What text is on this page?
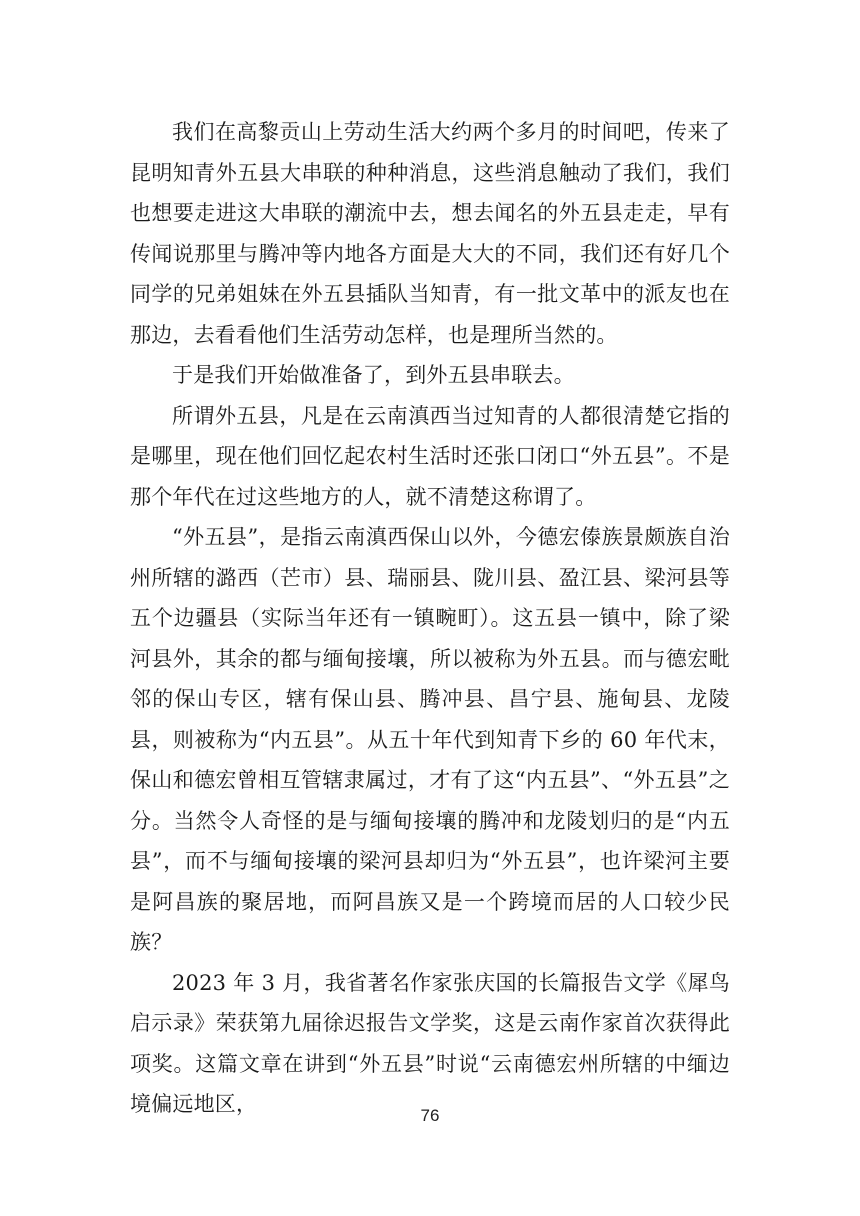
我们在高黎贡山上劳动生活大约两个多月的时间吧，传来了昆明知青外五县大串联的种种消息，这些消息触动了我们，我们也想要走进这大串联的潮流中去，想去闻名的外五县走走，早有传闻说那里与腾冲等内地各方面是大大的不同，我们还有好几个同学的兄弟姐妹在外五县插队当知青，有一批文革中的派友也在那边，去看看他们生活劳动怎样，也是理所当然的。

于是我们开始做准备了，到外五县串联去。

所谓外五县，凡是在云南滇西当过知青的人都很清楚它指的是哪里，现在他们回忆起农村生活时还张口闭口“外五县”。不是那个年代在过这些地方的人，就不清楚这称谓了。

“外五县”，是指云南滇西保山以外，今德宏傣族景颇族自治州所辖的潞西（芒市）县、瑞丽县、陇川县、盈江县、梁河县等五个边疆县（实际当年还有一镇畹町）。这五县一镇中，除了梁河县外，其余的都与缅甸接壤，所以被称为外五县。而与德宏毗邻的保山专区，辖有保山县、腾冲县、昌宁县、施甸县、龙陵县，则被称为“内五县”。从五十年代到知青下乡的 60 年代末，保山和德宏曾相互管辖隶属过，才有了这“内五县”、“外五县”之分。当然令人奇怪的是与缅甸接壤的腾冲和龙陵划归的是“内五县”，而不与缅甸接壤的梁河县却归为“外五县”，也许梁河主要是阿昌族的聚居地，而阿昌族又是一个跨境而居的人口较少民族？

2023 年 3 月，我省著名作家张庆国的长篇报告文学《犀鸟启示录》荣获第九届徐迟报告文学奖，这是云南作家首次获得此项奖。这篇文章在讲到“外五县”时说“云南德宏州所辖的中缅边境偏远地区，	76
